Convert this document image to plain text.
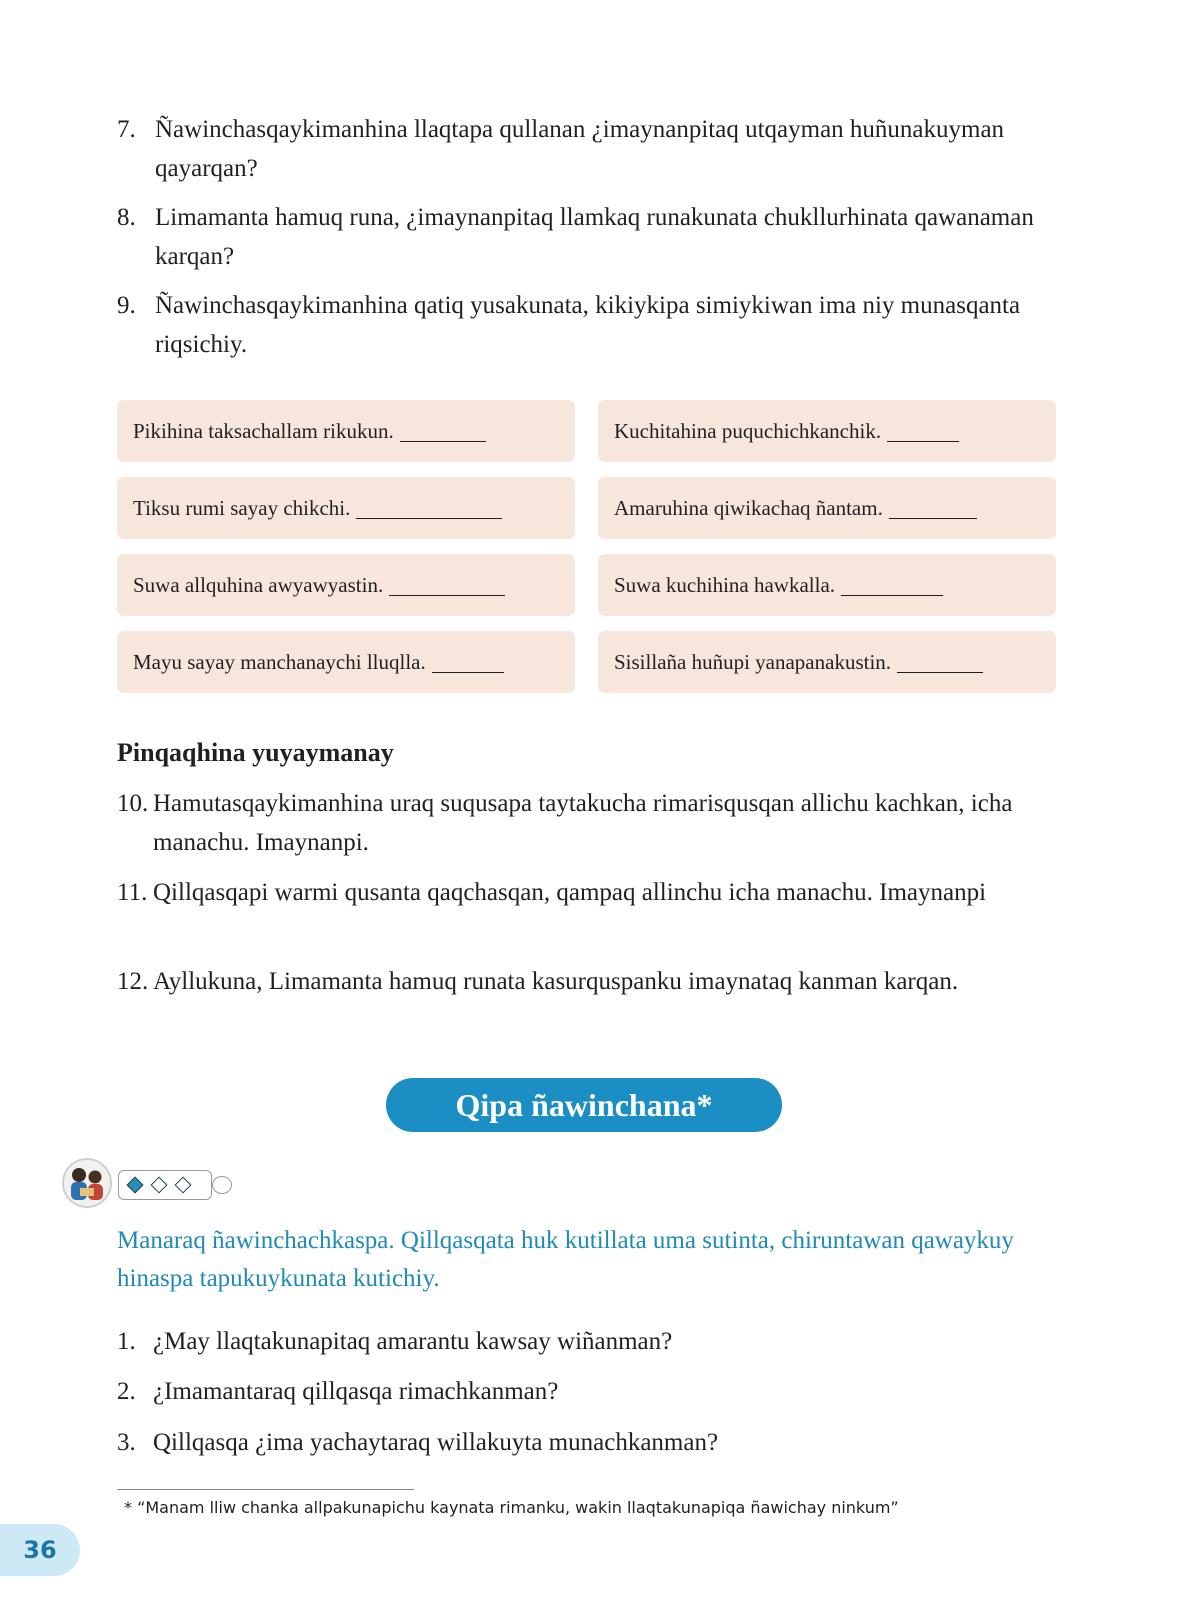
7. Ñawinchasqaykimanhina llaqtapa qullanan ¿imaynanpitaq utqayman huñunakuyman qayarqan?
8. Limamanta hamuq runa, ¿imaynanpitaq llamkaq runakunata chukllurhinata qawanaman karqan?
9. Ñawinchasqaykimanhina qatiq yusakunata, kikiykipa simiykiwan ima niy munasqanta riqsichiy.
Pikihina taksachallam rikukun.	Kuchitahina puquchichkanchik.
Tiksu rumi sayay chikchi.	Amaruhina qiwikachaq ñantam.
Suwa allquhina awyawyastin.	Suwa kuchihina hawkalla.
Mayu sayay manchanaychi lluqlla.	Sisillaña huñupi yanapanakustin.
Pinqaqhina yuyaymanay
10. Hamutasqaykimanhina uraq suqusapa taytakucha rimarisqusqan allichu kachkan, icha manachu. Imaynanpi.
11. Qillqasqapi warmi qusanta qaqchasqan, qampaq allinchu icha manachu. Imaynanpi
12. Ayllukuna, Limamanta hamuq runata kasurquspanku imaynataq kanman karqan.
Qipa ñawinchana*
Manaraq ñawinchachkaspa. Qillqasqata huk kutillata uma sutinta, chiruntawan qawaykuy hinaspa tapukuykunata kutichiy.
1. ¿May llaqtakunapitaq amarantu kawsay wiñanman?
2. ¿Imamantaraq qillqasqa rimachkanman?
3. Qillqasqa ¿ima yachaytaraq willakuyta munachkanman?
* “Manam lliw chanka allpakunapichu kaynata rimanku, wakin llaqtakunapiqa ñawichay ninkum”
36
